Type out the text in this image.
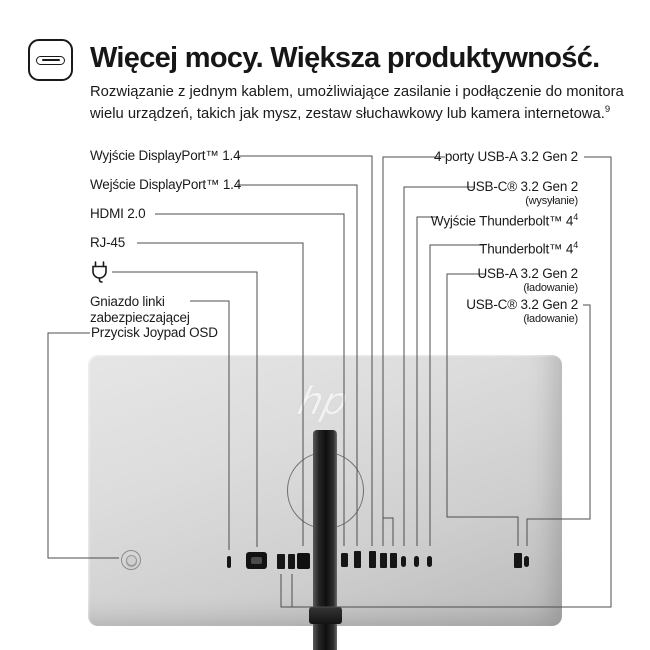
Więcej mocy. Większa produktywność.

Rozwiązanie z jednym kablem, umożliwiające zasilanie i podłączenie do monitora wielu urządzeń, takich jak mysz, zestaw słuchawkowy lub kamera internetowa.$^9$

Wyjście DisplayPort™ 1.4
Wejście DisplayPort™ 1.4
HDMI 2.0
RJ-45
Gniazdo linki zabezpieczającej
Przycisk Joypad OSD
4 porty USB-A 3.2 Gen 2
USB-C® 3.2 Gen 2
(wysyłanie)
Wyjście Thunderbolt™ $4^4$
Thunderbolt™ $4^4$
USB-A 3.2 Gen 2
(ładowanie)
USB-C® 3.2 Gen 2
(ładowanie)
hp
